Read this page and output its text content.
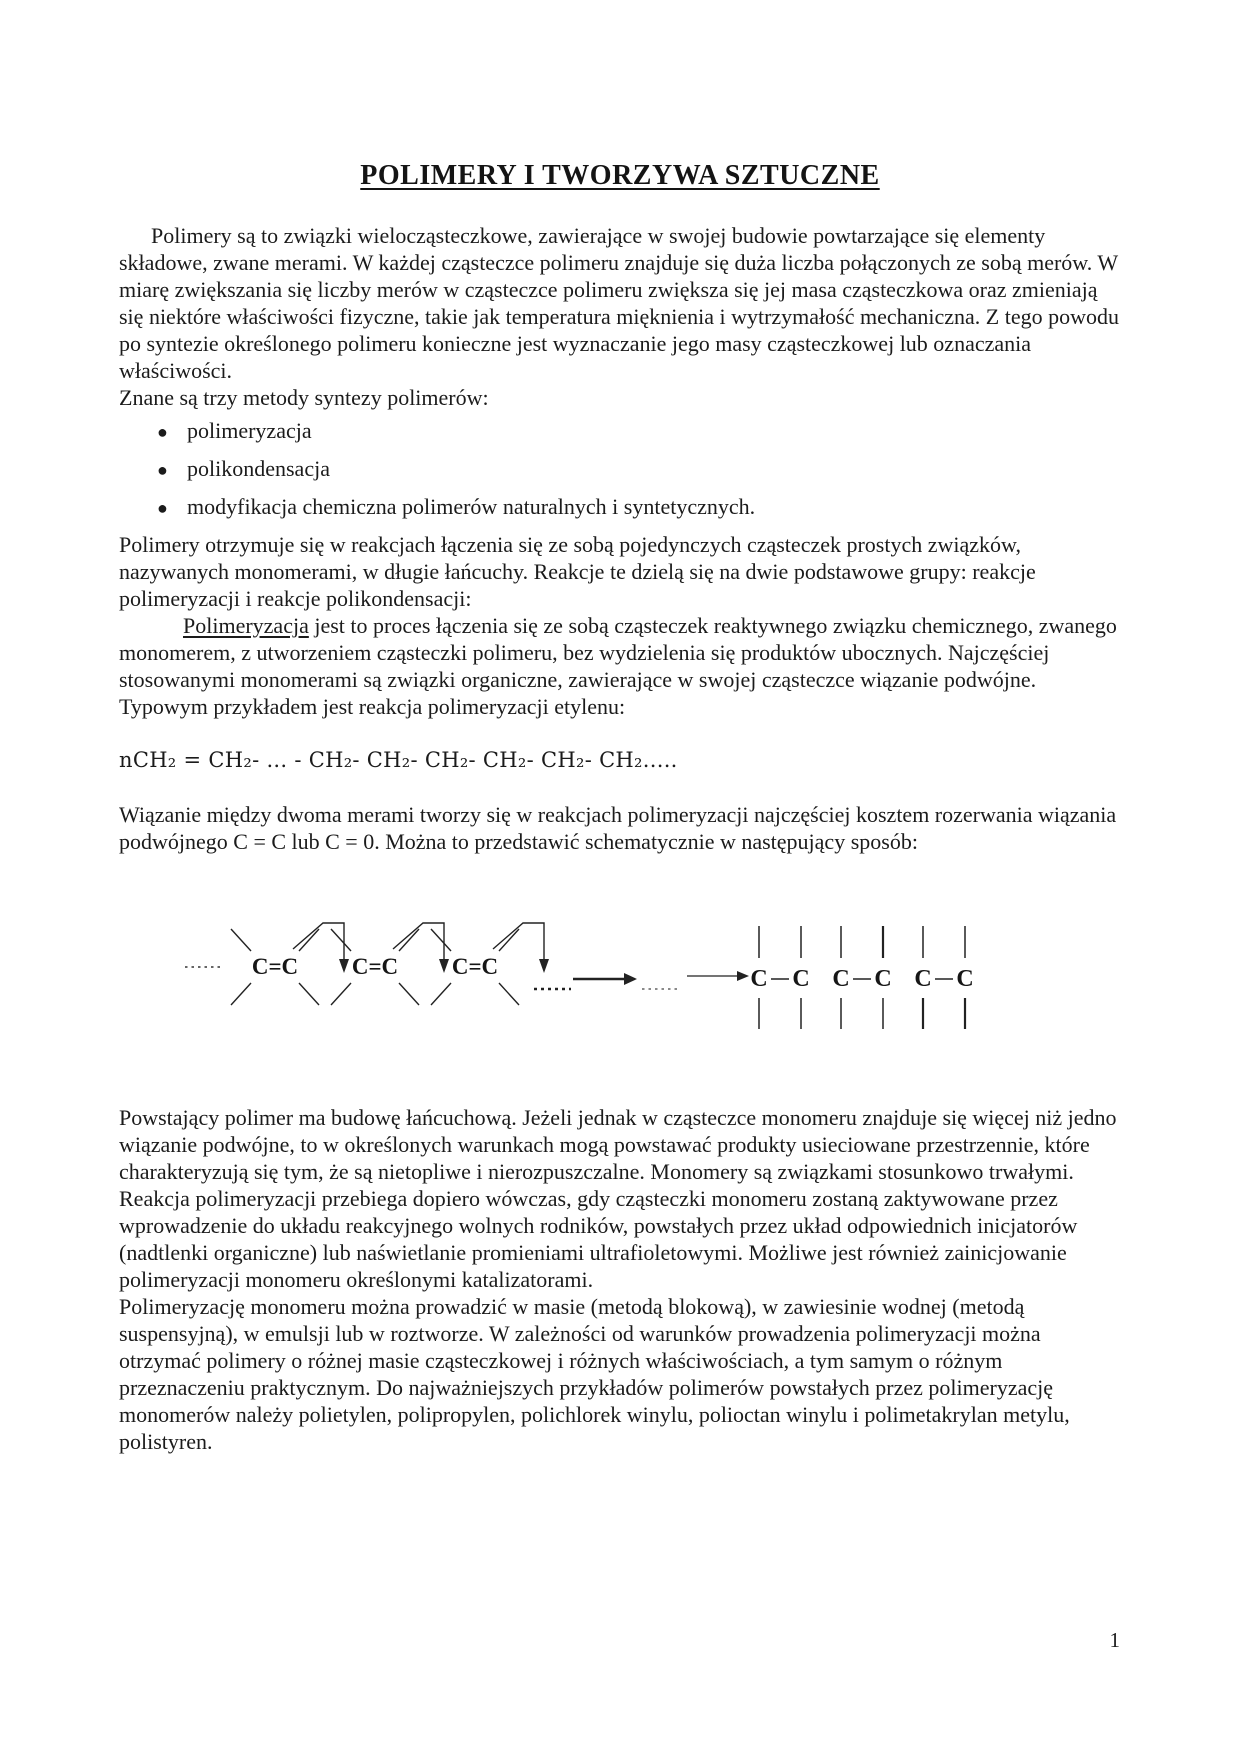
POLIMERY I TWORZYWA SZTUCZNE

Polimery są to związki wielocząsteczkowe, zawierające w swojej budowie powtarzające się elementy składowe, zwane merami. W każdej cząsteczce polimeru znajduje się duża liczba połączonych ze sobą merów. W miarę zwiększania się liczby merów w cząsteczce polimeru zwiększa się jej masa cząsteczkowa oraz zmieniają się niektóre właściwości fizyczne, takie jak temperatura mięknienia i wytrzymałość mechaniczna. Z tego powodu po syntezie określonego polimeru konieczne jest wyznaczanie jego masy cząsteczkowej lub oznaczania właściwości.

Znane są trzy metody syntezy polimerów:

● polimeryzacja
● polikondensacja
● modyfikacja chemiczna polimerów naturalnych i syntetycznych.

Polimery otrzymuje się w reakcjach łączenia się ze sobą pojedynczych cząsteczek prostych związków, nazywanych monomerami, w długie łańcuchy. Reakcje te dzielą się na dwie podstawowe grupy: reakcje polimeryzacji i reakcje polikondensacji:

Polimeryzacja jest to proces łączenia się ze sobą cząsteczek reaktywnego związku chemicznego, zwanego monomerem, z utworzeniem cząsteczki polimeru, bez wydzielenia się produktów ubocznych. Najczęściej stosowanymi monomerami są związki organiczne, zawierające w swojej cząsteczce wiązanie podwójne. Typowym przykładem jest reakcja polimeryzacji etylenu:

nCH₂ = CH₂- ... - CH₂- CH₂- CH₂- CH₂- CH₂- CH₂.....

Wiązanie między dwoma merami tworzy się w reakcjach polimeryzacji najczęściej kosztem rozerwania wiązania podwójnego C = C lub C = 0. Można to przedstawić schematycznie w następujący sposób:

C=C C=C C=C	C C C C C C

Powstający polimer ma budowę łańcuchową. Jeżeli jednak w cząsteczce monomeru znajduje się więcej niż jedno wiązanie podwójne, to w określonych warunkach mogą powstawać produkty usieciowane przestrzennie, które charakteryzują się tym, że są nietopliwe i nierozpuszczalne. Monomery są związkami stosunkowo trwałymi. Reakcja polimeryzacji przebiega dopiero wówczas, gdy cząsteczki monomeru zostaną zaktywowane przez wprowadzenie do układu reakcyjnego wolnych rodników, powstałych przez układ odpowiednich inicjatorów (nadtlenki organiczne) lub naświetlanie promieniami ultrafioletowymi. Możliwe jest również zainicjowanie polimeryzacji monomeru określonymi katalizatorami.

Polimeryzację monomeru można prowadzić w masie (metodą blokową), w zawiesinie wodnej (metodą suspensyjną), w emulsji lub w roztworze. W zależności od warunków prowadzenia polimeryzacji można otrzymać polimery o różnej masie cząsteczkowej i różnych właściwościach, a tym samym o różnym przeznaczeniu praktycznym. Do najważniejszych przykładów polimerów powstałych przez polimeryzację monomerów należy polietylen, polipropylen, polichlorek winylu, polioctan winylu i polimetakrylan metylu, polistyren.

1
